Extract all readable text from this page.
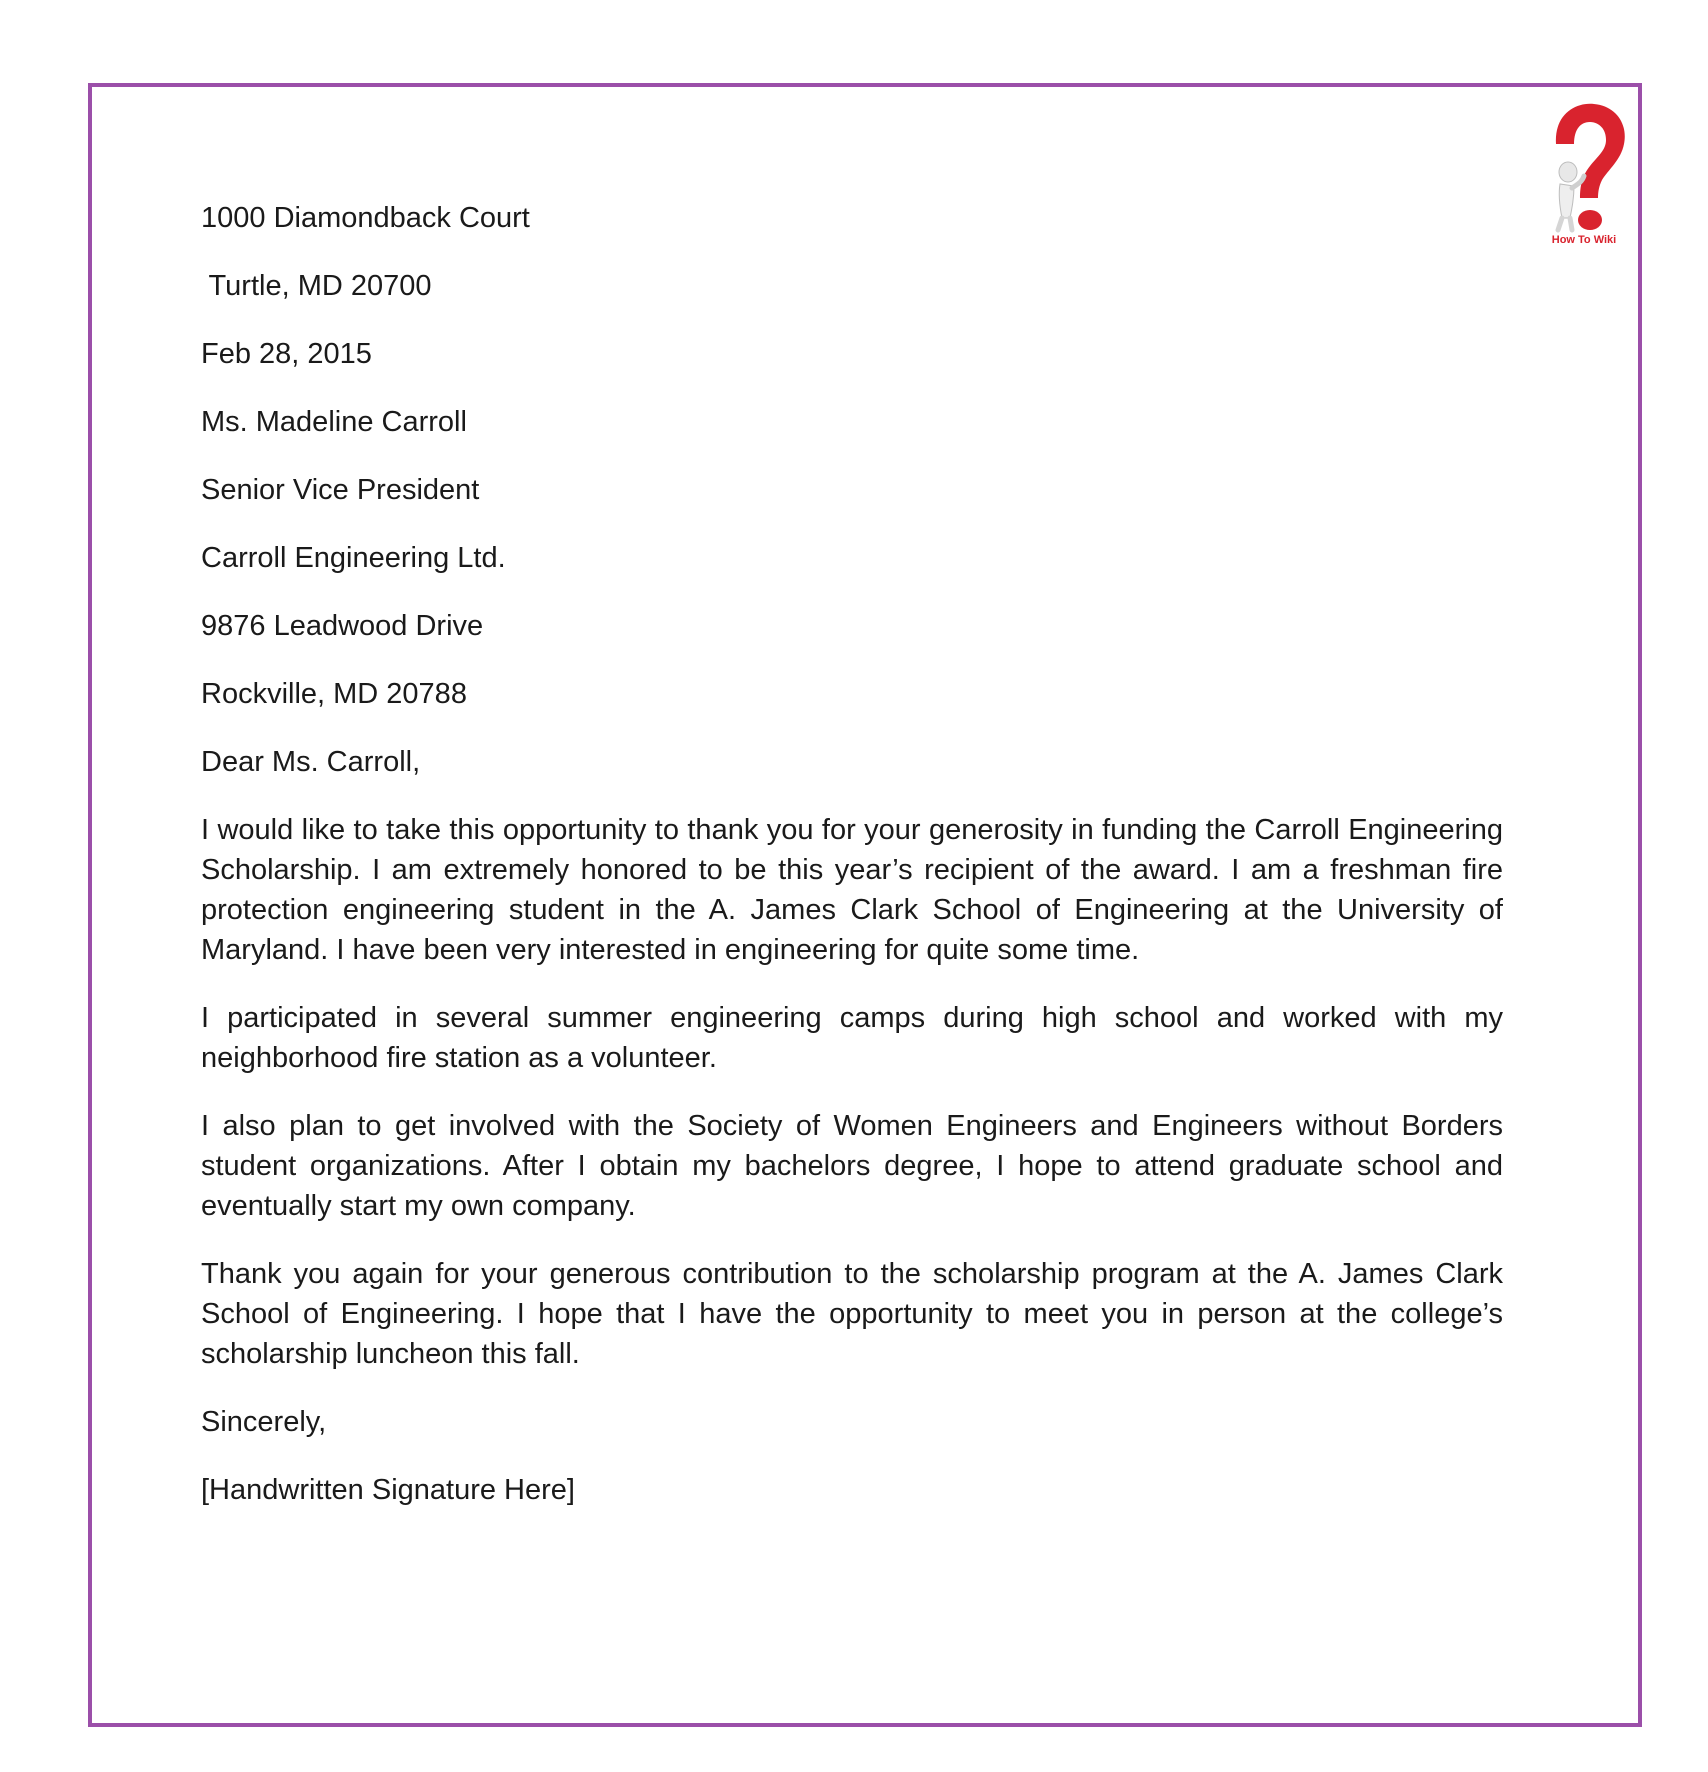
How To Wiki
1000 Diamondback Court
Turtle, MD 20700
Feb 28, 2015
Ms. Madeline Carroll
Senior Vice President
Carroll Engineering Ltd.
9876 Leadwood Drive
Rockville, MD 20788
Dear Ms. Carroll,
I would like to take this opportunity to thank you for your generosity in funding the Carroll Engineering Scholarship. I am extremely honored to be this year’s recipient of the award. I am a freshman fire protection engineering student in the A. James Clark School of Engineering at the University of Maryland. I have been very interested in engineering for quite some time.
I participated in several summer engineering camps during high school and worked with my neighborhood fire station as a volunteer.
I also plan to get involved with the Society of Women Engineers and Engineers without Borders student organizations. After I obtain my bachelors degree, I hope to attend graduate school and eventually start my own company.
Thank you again for your generous contribution to the scholarship program at the A. James Clark School of Engineering. I hope that I have the opportunity to meet you in person at the college’s scholarship luncheon this fall.
Sincerely,
[Handwritten Signature Here]
